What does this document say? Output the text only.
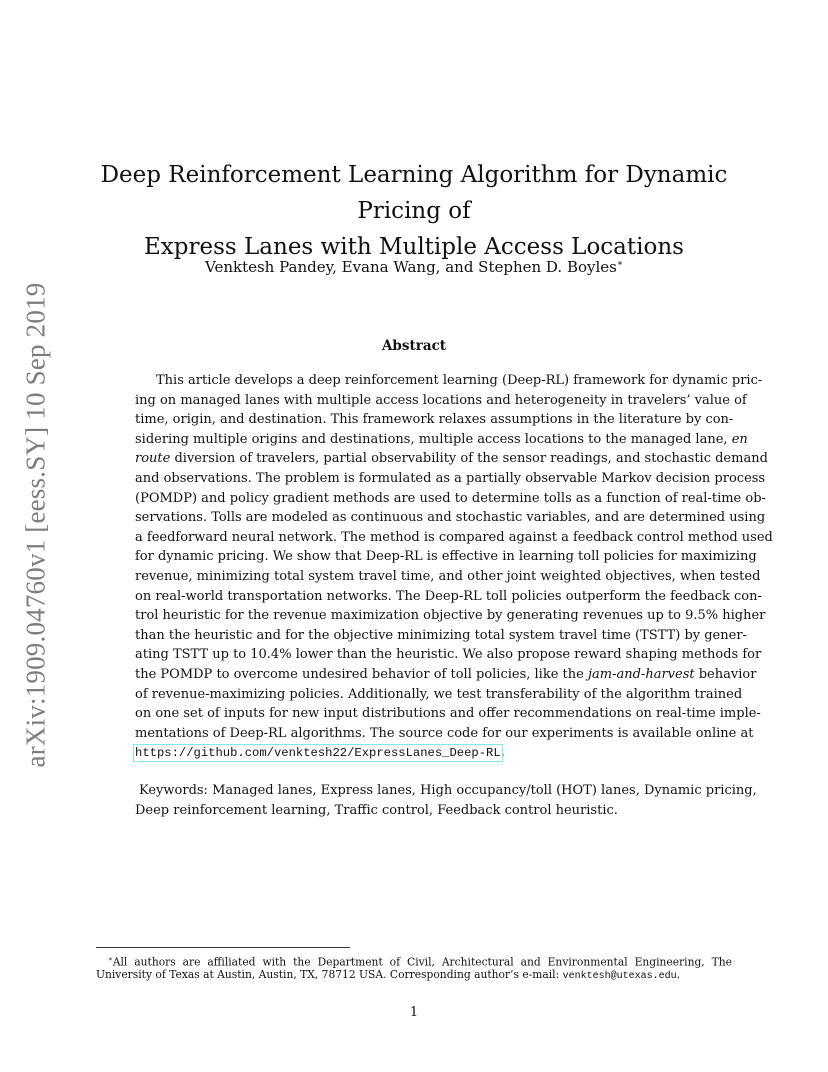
arXiv:1909.04760v1 [eess.SY] 10 Sep 2019
Deep Reinforcement Learning Algorithm for Dynamic Pricing of
Express Lanes with Multiple Access Locations
Venktesh Pandey, Evana Wang, and Stephen D. Boyles∗
Abstract
This article develops a deep reinforcement learning (Deep-RL) framework for dynamic pric-
ing on managed lanes with multiple access locations and heterogeneity in travelers’ value of
time, origin, and destination. This framework relaxes assumptions in the literature by con-
sidering multiple origins and destinations, multiple access locations to the managed lane, en
route diversion of travelers, partial observability of the sensor readings, and stochastic demand
and observations. The problem is formulated as a partially observable Markov decision process
(POMDP) and policy gradient methods are used to determine tolls as a function of real-time ob-
servations. Tolls are modeled as continuous and stochastic variables, and are determined using
a feedforward neural network. The method is compared against a feedback control method used
for dynamic pricing. We show that Deep-RL is effective in learning toll policies for maximizing
revenue, minimizing total system travel time, and other joint weighted objectives, when tested
on real-world transportation networks. The Deep-RL toll policies outperform the feedback con-
trol heuristic for the revenue maximization objective by generating revenues up to 9.5% higher
than the heuristic and for the objective minimizing total system travel time (TSTT) by gener-
ating TSTT up to 10.4% lower than the heuristic. We also propose reward shaping methods for
the POMDP to overcome undesired behavior of toll policies, like the jam-and-harvest behavior
of revenue-maximizing policies. Additionally, we test transferability of the algorithm trained
on one set of inputs for new input distributions and offer recommendations on real-time imple-
mentations of Deep-RL algorithms. The source code for our experiments is available online at
https://github.com/venktesh22/ExpressLanes_Deep-RL.
Keywords: Managed lanes, Express lanes, High occupancy/toll (HOT) lanes, Dynamic pricing,
Deep reinforcement learning, Traffic control, Feedback control heuristic.
∗All authors are affiliated with the Department of Civil, Architectural and Environmental Engineering, The
University of Texas at Austin, Austin, TX, 78712 USA. Corresponding author’s e-mail: venktesh@utexas.edu.
1
